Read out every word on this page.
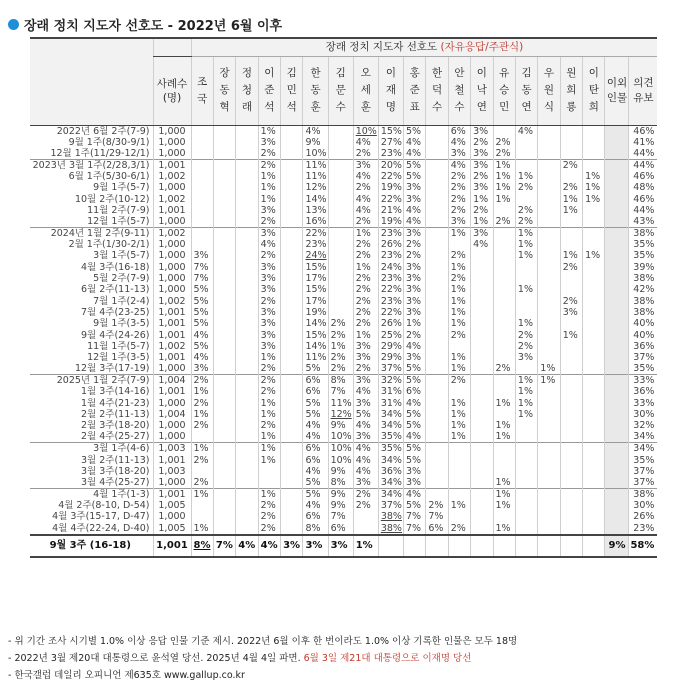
장래 정치 지도자 선호도 - 2022년 6월 이후
		장래 정치 지도자 선호도 (자유응답/주관식)																			

	사례수 (명)	조국	장동혁	정청래	이준석	김민석	한동훈	김문수	오세훈	이재명	홍준표	한덕수	안철수	이낙연	유승민	김동연	우원식	원희룡	이탄희	이외 인물	의견 유보

2022년 6월 2주(7-9)	1,000				1%		4%		10%	15%	5%		6%	3%		4%					46%
9월 1주(8/30-9/1)	1,000				3%		9%		4%	27%	4%		4%	2%	2%						41%
12월 1주(11/29-12/1)	1,000				2%		10%		2%	23%	4%		3%	3%	2%						44%
2023년 3월 1주(2/28,3/1)	1,001				2%		11%		3%	20%	5%		4%	3%	1%			2%			44%
6월 1주(5/30-6/1)	1,002				1%		11%		4%	22%	5%		2%	2%	1%	1%			1%		46%
9월 1주(5-7)	1,000				1%		12%		2%	19%	3%		2%	3%	1%	2%		2%	1%		48%
10월 2주(10-12)	1,002				1%		14%		4%	22%	3%		2%	1%	1%			1%	1%		46%
11월 2주(7-9)	1,001				3%		13%		4%	21%	4%		2%	2%		2%		1%			44%
12월 1주(5-7)	1,000				2%		16%		2%	19%	4%		3%	1%	2%	2%					43%
2024년 1월 2주(9-11)	1,002				3%		22%		1%	23%	3%		1%	3%		1%					38%
2월 1주(1/30-2/1)	1,000				4%		23%		2%	26%	2%			4%		1%					35%
3월 1주(5-7)	1,000	3%			2%		24%		2%	23%	2%		2%			1%		1%	1%		35%
4월 3주(16-18)	1,000	7%			3%		15%		1%	24%	3%		1%					2%			39%
5월 2주(7-9)	1,000	7%			3%		17%		2%	23%	3%		2%								38%
6월 2주(11-13)	1,000	5%			3%		15%		2%	22%	3%		1%			1%					42%
7월 1주(2-4)	1,002	5%			2%		17%		2%	23%	3%		1%					2%			38%
7월 4주(23-25)	1,001	5%			3%		19%		2%	22%	3%		1%					3%			38%
9월 1주(3-5)	1,001	5%			3%		14%	2%	2%	26%	1%		1%			1%					40%
9월 4주(24-26)	1,001	4%			3%		15%	2%	1%	25%	2%		2%			2%		1%			40%
11월 1주(5-7)	1,002	5%			3%		14%	1%	3%	29%	4%					2%					36%
12월 1주(3-5)	1,001	4%			1%		11%	2%	3%	29%	3%		1%			3%					37%
12월 3주(17-19)	1,000	3%			2%		5%	2%	2%	37%	5%		1%		2%		1%				35%
2025년 1월 2주(7-9)	1,004	2%			2%		6%	8%	3%	32%	5%		2%			1%	1%				33%
1월 3주(14-16)	1,001	1%			2%		6%	7%	4%	31%	6%					1%					36%
1월 4주(21-23)	1,000	2%			1%		5%	11%	3%	31%	4%		1%		1%	1%					33%
2월 2주(11-13)	1,004	1%			1%		5%	12%	5%	34%	5%		1%			1%					30%
2월 3주(18-20)	1,000	2%			2%		4%	9%	4%	34%	5%		1%		1%						32%
2월 4주(25-27)	1,000				1%		4%	10%	3%	35%	4%		1%		1%						34%
3월 1주(4-6)	1,003	1%			1%		6%	10%	4%	35%	5%										34%
3월 2주(11-13)	1,001	2%			1%		6%	10%	4%	34%	5%										35%
3월 3주(18-20)	1,003						4%	9%	4%	36%	3%										37%
3월 4주(25-27)	1,000	2%					5%	8%	3%	34%	3%				1%						37%
4월 1주(1-3)	1,001	1%			1%		5%	9%	2%	34%	4%				1%						38%
4월 2주(8-10, D-54)	1,005				2%		4%	9%	2%	37%	5%	2%	1%		1%						30%
4월 3주(15-17, D-47)	1,000				2%		6%	7%		38%	7%	7%									26%
4월 4주(22-24, D-40)	1,005	1%			2%		8%	6%		38%	7%	6%	2%		1%						23%
9월 3주 (16-18)	1,001	8%	7%	4%	4%	3%	3%	3%	1%											9%	58%
- 위 기간 조사 시기별 1.0% 이상 응답 인물 기준 제시. 2022년 6월 이후 한 번이라도 1.0% 이상 기록한 인물은 모두 18명
- 2022년 3월 제20대 대통령으로 윤석열 당선. 2025년 4월 4일 파면. 6월 3일 제21대 대통령으로 이재명 당선
- 한국갤럽 데일리 오피니언 제635호 www.gallup.co.kr
